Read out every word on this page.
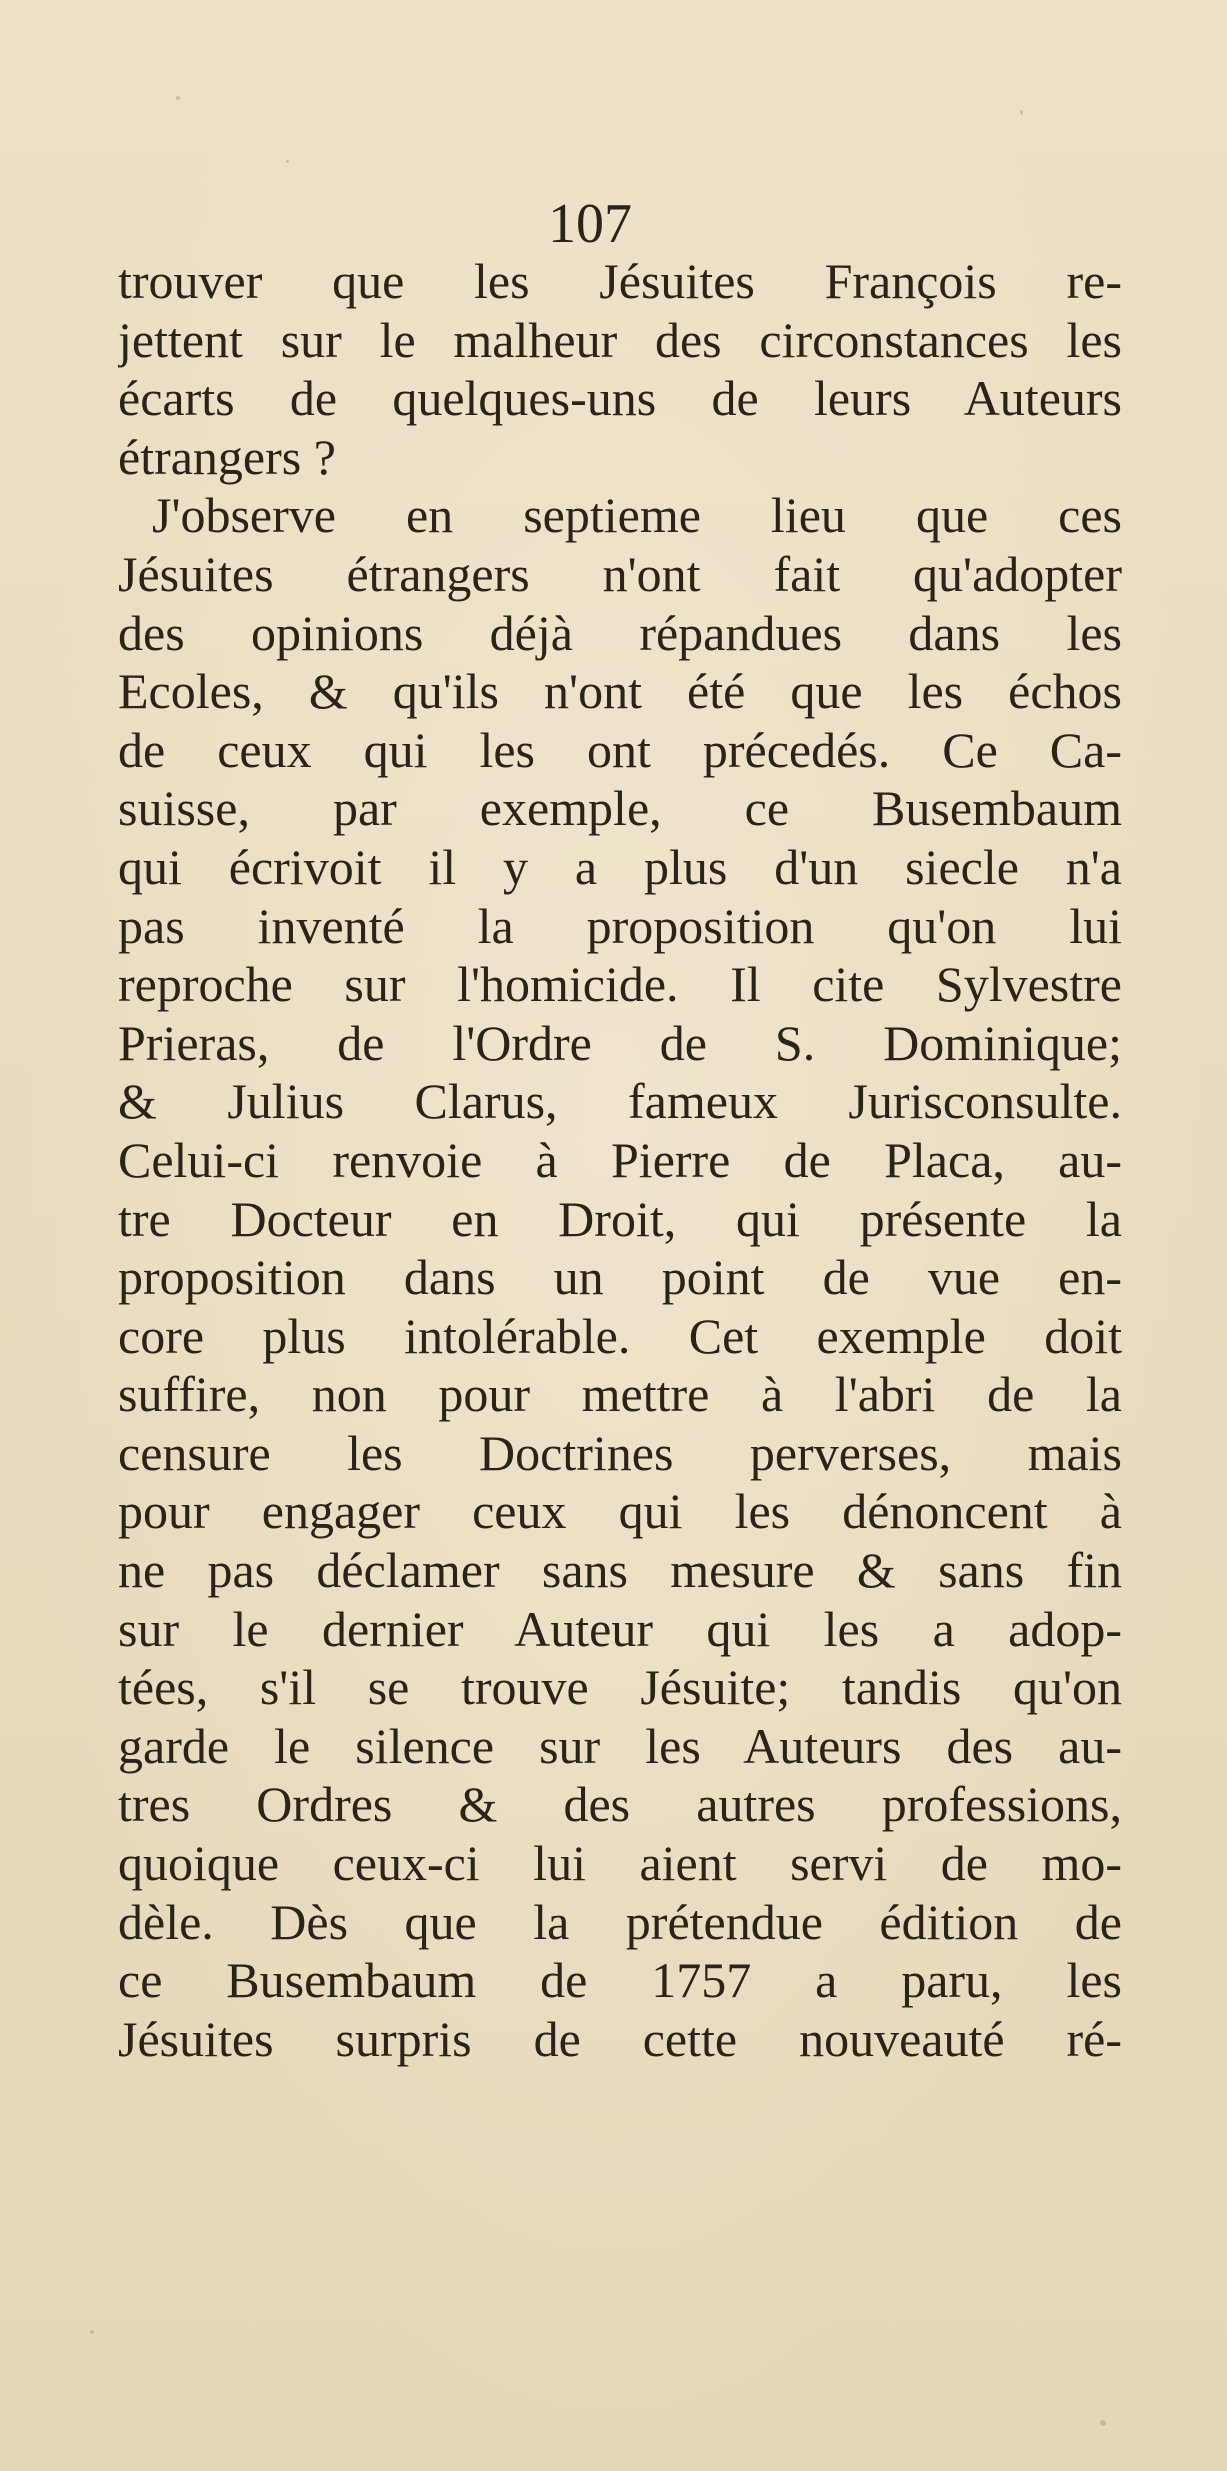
107
trouver que les Jésuites François re-
jettent sur le malheur des circonstances les
écarts de quelques-uns de leurs Auteurs
étrangers ?
J'observe en septieme lieu que ces
Jésuites étrangers n'ont fait qu'adopter
des opinions déjà répandues dans les
Ecoles, & qu'ils n'ont été que les échos
de ceux qui les ont précedés. Ce Ca-
suisse, par exemple, ce Busembaum
qui écrivoit il y a plus d'un siecle n'a
pas inventé la proposition qu'on lui
reproche sur l'homicide. Il cite Sylvestre
Prieras, de l'Ordre de S. Dominique;
& Julius Clarus, fameux Jurisconsulte.
Celui-ci renvoie à Pierre de Placa, au-
tre Docteur en Droit, qui présente la
proposition dans un point de vue en-
core plus intolérable. Cet exemple doit
suffire, non pour mettre à l'abri de la
censure les Doctrines perverses, mais
pour engager ceux qui les dénoncent à
ne pas déclamer sans mesure & sans fin
sur le dernier Auteur qui les a adop-
tées, s'il se trouve Jésuite; tandis qu'on
garde le silence sur les Auteurs des au-
tres Ordres & des autres professions,
quoique ceux-ci lui aient servi de mo-
dèle. Dès que la prétendue édition de
ce Busembaum de 1757 a paru, les
Jésuites surpris de cette nouveauté ré-
